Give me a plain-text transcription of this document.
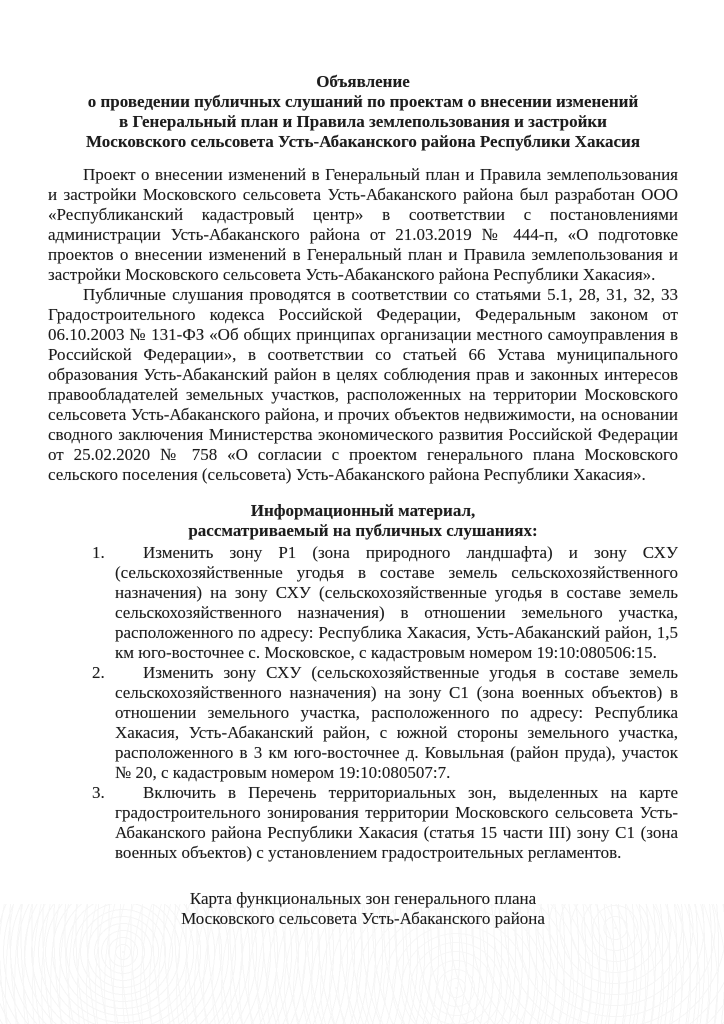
Объявление
о проведении публичных слушаний по проектам о внесении изменений
в Генеральный план и Правила землепользования и застройки
Московского сельсовета Усть-Абаканского района Республики Хакасия

Проект о внесении изменений в Генеральный план и Правила землепользования и застройки Московского сельсовета Усть-Абаканского района был разработан ООО «Республиканский кадастровый центр» в соответствии с постановлениями администрации Усть-Абаканского района от 21.03.2019 № 444-п, «О подготовке проектов о внесении изменений в Генеральный план и Правила землепользования и застройки Московского сельсовета Усть-Абаканского района Республики Хакасия».

Публичные слушания проводятся в соответствии со статьями 5.1, 28, 31, 32, 33 Градостроительного кодекса Российской Федерации, Федеральным законом от 06.10.2003 № 131-ФЗ «Об общих принципах организации местного самоуправления в Российской Федерации», в соответствии со статьей 66 Устава муниципального образования Усть-Абаканский район в целях соблюдения прав и законных интересов правообладателей земельных участков, расположенных на территории Московского сельсовета Усть-Абаканского района, и прочих объектов недвижимости, на основании сводного заключения Министерства экономического развития Российской Федерации от 25.02.2020 № 758 «О согласии с проектом генерального плана Московского сельского поселения (сельсовета) Усть-Абаканского района Республики Хакасия».

Информационный материал,
рассматриваемый на публичных слушаниях:
1. Изменить зону Р1 (зона природного ландшафта) и зону СХУ (сельскохозяйственные угодья в составе земель сельскохозяйственного назначения) на зону СХУ (сельскохозяйственные угодья в составе земель сельскохозяйственного назначения) в отношении земельного участка, расположенного по адресу: Республика Хакасия, Усть-Абаканский район, 1,5 км юго-восточнее с. Московское, с кадастровым номером 19:10:080506:15.
2. Изменить зону СХУ (сельскохозяйственные угодья в составе земель сельскохозяйственного назначения) на зону С1 (зона военных объектов) в отношении земельного участка, расположенного по адресу: Республика Хакасия, Усть-Абаканский район, с южной стороны земельного участка, расположенного в 3 км юго-восточнее д. Ковыльная (район пруда), участок № 20, с кадастровым номером 19:10:080507:7.
3. Включить в Перечень территориальных зон, выделенных на карте градостроительного зонирования территории Московского сельсовета Усть-Абаканского района Республики Хакасия (статья 15 части III) зону С1 (зона военных объектов) с установлением градостроительных регламентов.
Карта функциональных зон генерального плана
Московского сельсовета Усть-Абаканского района
